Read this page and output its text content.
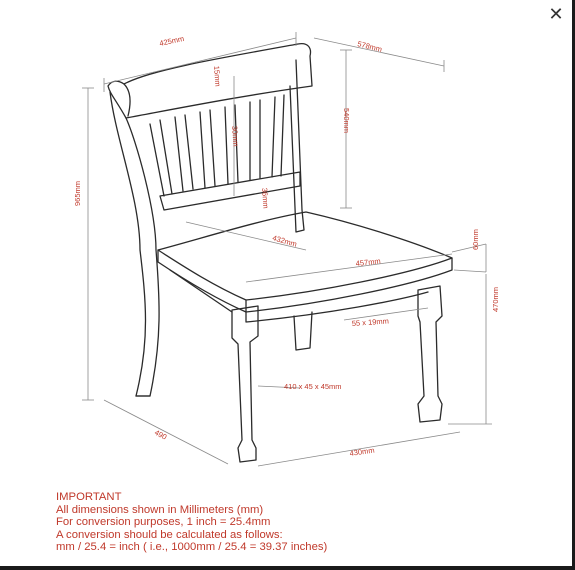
✕
425mm	578mm
15mm
30mm
540mm
36mm
965mm
432mm
457mm
60mm
55 x 19mm
470mm
410 x 45 x 45mm
490
430mm
IMPORTANT
All dimensions shown in Millimeters (mm)
For conversion purposes, 1 inch = 25.4mm
A conversion should be calculated as follows:
mm / 25.4 = inch ( i.e., 1000mm / 25.4 = 39.37 inches)
